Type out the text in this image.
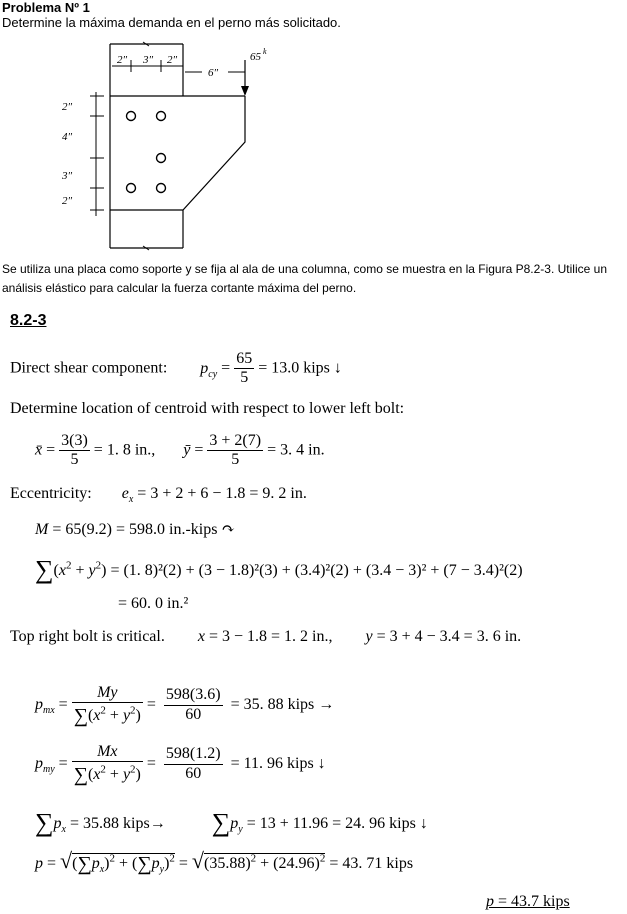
Problema Nº 1
Determine la máxima demanda en el perno más solicitado.
2″ 3″ 2″
6″
2″
4″
3″
2″
65 k
Se utiliza una placa como soporte y se fija al ala de una columna, como se muestra en la Figura P8.2-3. Utilice un
análisis elástico para calcular la fuerza cortante máxima del perno.
8.2-3
Direct shear component: $p_{cy} = \frac{65}{5} = 13.0$ kips ↓
Determine location of centroid with respect to lower left bolt:
x̄ = $\frac{3(3)}{5} = 1$. 8 in., ȳ = $\frac{3 + 2(7)}{5} = 3$. 4 in.
Eccentricity: $e_x = 3 + 2 + 6 - 1.8 = 9$. 2 in.
M = 65(9.2) = 598.0 in.-kips ↷
$\sum(x^2 + y^2) = (1$. 8)²(2) + (3 − 1.8)²(3) + (3.4)²(2) + (3.4 − 3)² + (7 − 3.4)²(2)
= 60. 0 in.²
Top right bolt is critical. x = 3 − 1.8 = 1. 2 in., y = 3 + 4 − 3.4 = 3. 6 in.
$p_{mx} = \frac{My}{\sum(x^2 + y^2)} = \frac{598(3.6)}{60} = 35$. 88 kips →
$p_{my} = \frac{Mx}{\sum(x^2 + y^2)} = \frac{598(1.2)}{60} = 11$. 96 kips ↓
$\sum p_x = 35.88$ kips→ $\sum p_y = 13 + 11.96 = 24$. 96 kips ↓
$p = √(\sum p_x)^2 + (\sum p_y)^2 = √(35.88)^2 + (24.96)^2 = 43$. 71 kips
p = 43.7 kips
